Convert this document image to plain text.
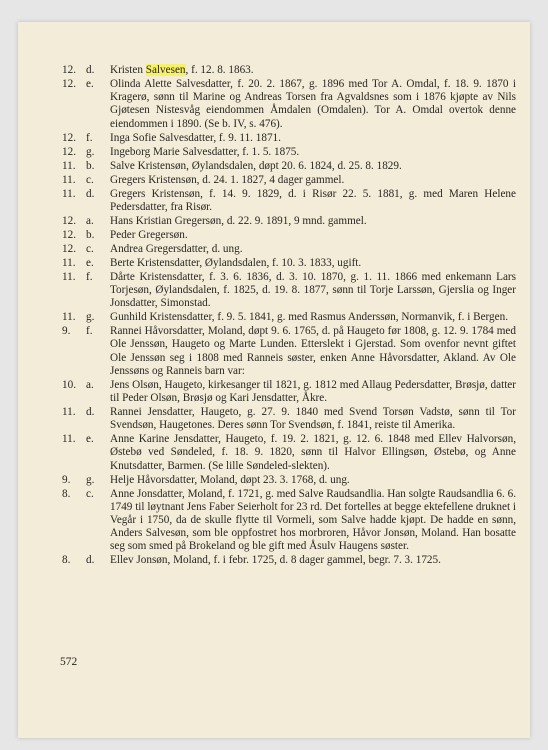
12. d. Kristen Salvesen, f. 12. 8. 1863.
12. e. Olinda Alette Salvesdatter, f. 20. 2. 1867, g. 1896 med Tor A. Omdal, f. 18. 9. 1870 i Kragerø, sønn til Marine og Andreas Torsen fra Agvaldsnes som i 1876 kjøpte av Nils Gjøtesen Nistesvåg eiendommen Åmdalen (Omdalen). Tor A. Omdal overtok denne eiendommen i 1890. (Se b. IV, s. 476).
12. f. Inga Sofie Salvesdatter, f. 9. 11. 1871.
12. g. Ingeborg Marie Salvesdatter, f. 1. 5. 1875.
11. b. Salve Kristensøn, Øylandsdalen, døpt 20. 6. 1824, d. 25. 8. 1829.
11. c. Gregers Kristensøn, d. 24. 1. 1827, 4 dager gammel.
11. d. Gregers Kristensøn, f. 14. 9. 1829, d. i Risør 22. 5. 1881, g. med Maren Helene Pedersdatter, fra Risør.
12. a. Hans Kristian Gregersøn, d. 22. 9. 1891, 9 mnd. gammel.
12. b. Peder Gregersøn.
12. c. Andrea Gregersdatter, d. ung.
11. e. Berte Kristensdatter, Øylandsdalen, f. 10. 3. 1833, ugift.
11. f. Dårte Kristensdatter, f. 3. 6. 1836, d. 3. 10. 1870, g. 1. 11. 1866 med enkemann Lars Torjesøn, Øylandsdalen, f. 1825, d. 19. 8. 1877, sønn til Torje Larssøn, Gjerslia og Inger Jonsdatter, Simonstad.
11. g. Gunhild Kristensdatter, f. 9. 5. 1841, g. med Rasmus Anderssøn, Normanvik, f. i Bergen.
9.	f. Rannei Håvorsdatter, Moland, døpt 9. 6. 1765, d. på Haugeto før 1808, g. 12. 9. 1784 med Ole Jenssøn, Haugeto og Marte Lunden. Etterslekt i Gjerstad. Som ovenfor nevnt giftet Ole Jenssøn seg i 1808 med Ranneis søster, enken Anne Håvorsdatter, Akland. Av Ole Jenssøns og Ranneis barn var:
10. a. Jens Olsøn, Haugeto, kirkesanger til 1821, g. 1812 med Allaug Pedersdatter, Brøsjø, datter til Peder Olsøn, Brøsjø og Kari Jensdatter, Åkre.
11. d. Rannei Jensdatter, Haugeto, g. 27. 9. 1840 med Svend Torsøn Vadstø, sønn til Tor Svendsøn, Haugetones. Deres sønn Tor Svendsøn, f. 1841, reiste til Amerika.
11. e. Anne Karine Jensdatter, Haugeto, f. 19. 2. 1821, g. 12. 6. 1848 med Ellev Halvorsøn, Østebø ved Søndeled, f. 18. 9. 1820, sønn til Halvor Ellingsøn, Østebø, og Anne Knutsdatter, Barmen. (Se lille Søndeled-slekten).
9.	g. Helje Håvorsdatter, Moland, døpt 23. 3. 1768, d. ung.
8.	c. Anne Jonsdatter, Moland, f. 1721, g. med Salve Raudsandlia. Han solgte Raudsandlia 6. 6. 1749 til løytnant Jens Faber Seierholt for 23 rd. Det fortelles at begge ektefellene druknet i Vegår i 1750, da de skulle flytte til Vormeli, som Salve hadde kjøpt. De hadde en sønn, Anders Salvesøn, som ble oppfostret hos morbroren, Håvor Jonsøn, Moland. Han bosatte seg som smed på Brokeland og ble gift med Åsulv Haugens søster.
8.	d. Ellev Jonsøn, Moland, f. i febr. 1725, d. 8 dager gammel, begr. 7. 3. 1725.
572
